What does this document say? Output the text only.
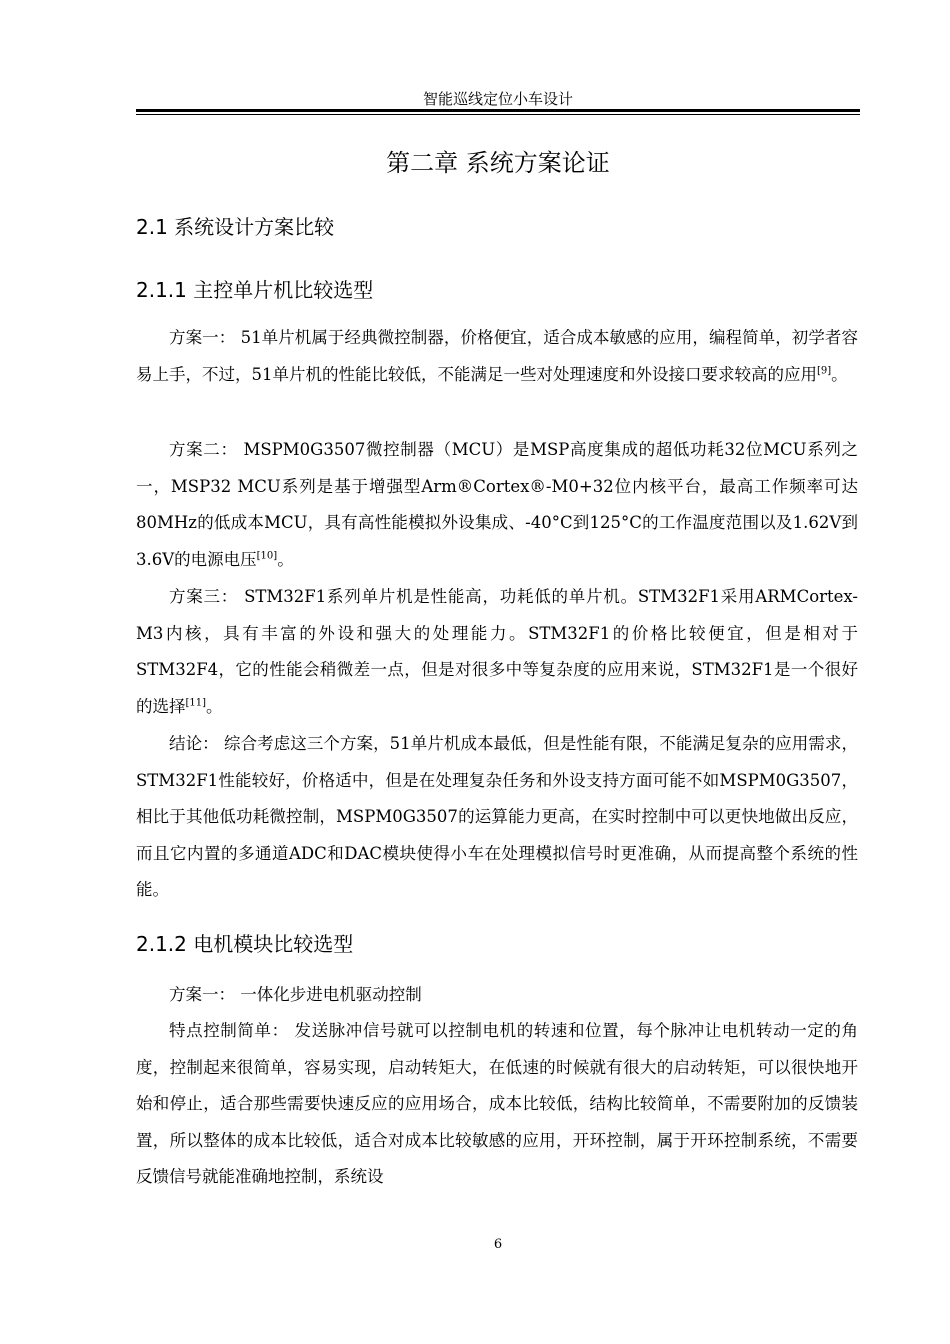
智能巡线定位小车设计
第二章 系统方案论证
2.1 系统设计方案比较
2.1.1 主控单片机比较选型

方案一： 51单片机属于经典微控制器，价格便宜，适合成本敏感的应用，编程简单，初学者容易上手，不过，51单片机的性能比较低，不能满足一些对处理速度和外设接口要求较高的应用[9]。

方案二： MSPM0G3507微控制器（MCU）是MSP高度集成的超低功耗32位MCU系列之一，MSP32 MCU系列是基于增强型Arm®Cortex®-M0+32位内核平台，最高工作频率可达80MHz的低成本MCU，具有高性能模拟外设集成、-40°C到125°C的工作温度范围以及1.62V到3.6V的电源电压[10]。

方案三： STM32F1系列单片机是性能高，功耗低的单片机。STM32F1采用ARMCortex-M3内核，具有丰富的外设和强大的处理能力。STM32F1的价格比较便宜，但是相对于STM32F4，它的性能会稍微差一点，但是对很多中等复杂度的应用来说，STM32F1是一个很好的选择[11]。

结论： 综合考虑这三个方案，51单片机成本最低，但是性能有限，不能满足复杂的应用需求，STM32F1性能较好，价格适中，但是在处理复杂任务和外设支持方面可能不如MSPM0G3507，相比于其他低功耗微控制，MSPM0G3507的运算能力更高，在实时控制中可以更快地做出反应，而且它内置的多通道ADC和DAC模块使得小车在处理模拟信号时更准确，从而提高整个系统的性能。

2.1.2 电机模块比较选型

方案一： 一体化步进电机驱动控制

特点控制简单： 发送脉冲信号就可以控制电机的转速和位置，每个脉冲让电机转动一定的角度，控制起来很简单，容易实现，启动转矩大，在低速的时候就有很大的启动转矩，可以很快地开始和停止，适合那些需要快速反应的应用场合，成本比较低，结构比较简单，不需要附加的反馈装置，所以整体的成本比较低，适合对成本比较敏感的应用，开环控制，属于开环控制系统，不需要反馈信号就能准确地控制，系统设

6
